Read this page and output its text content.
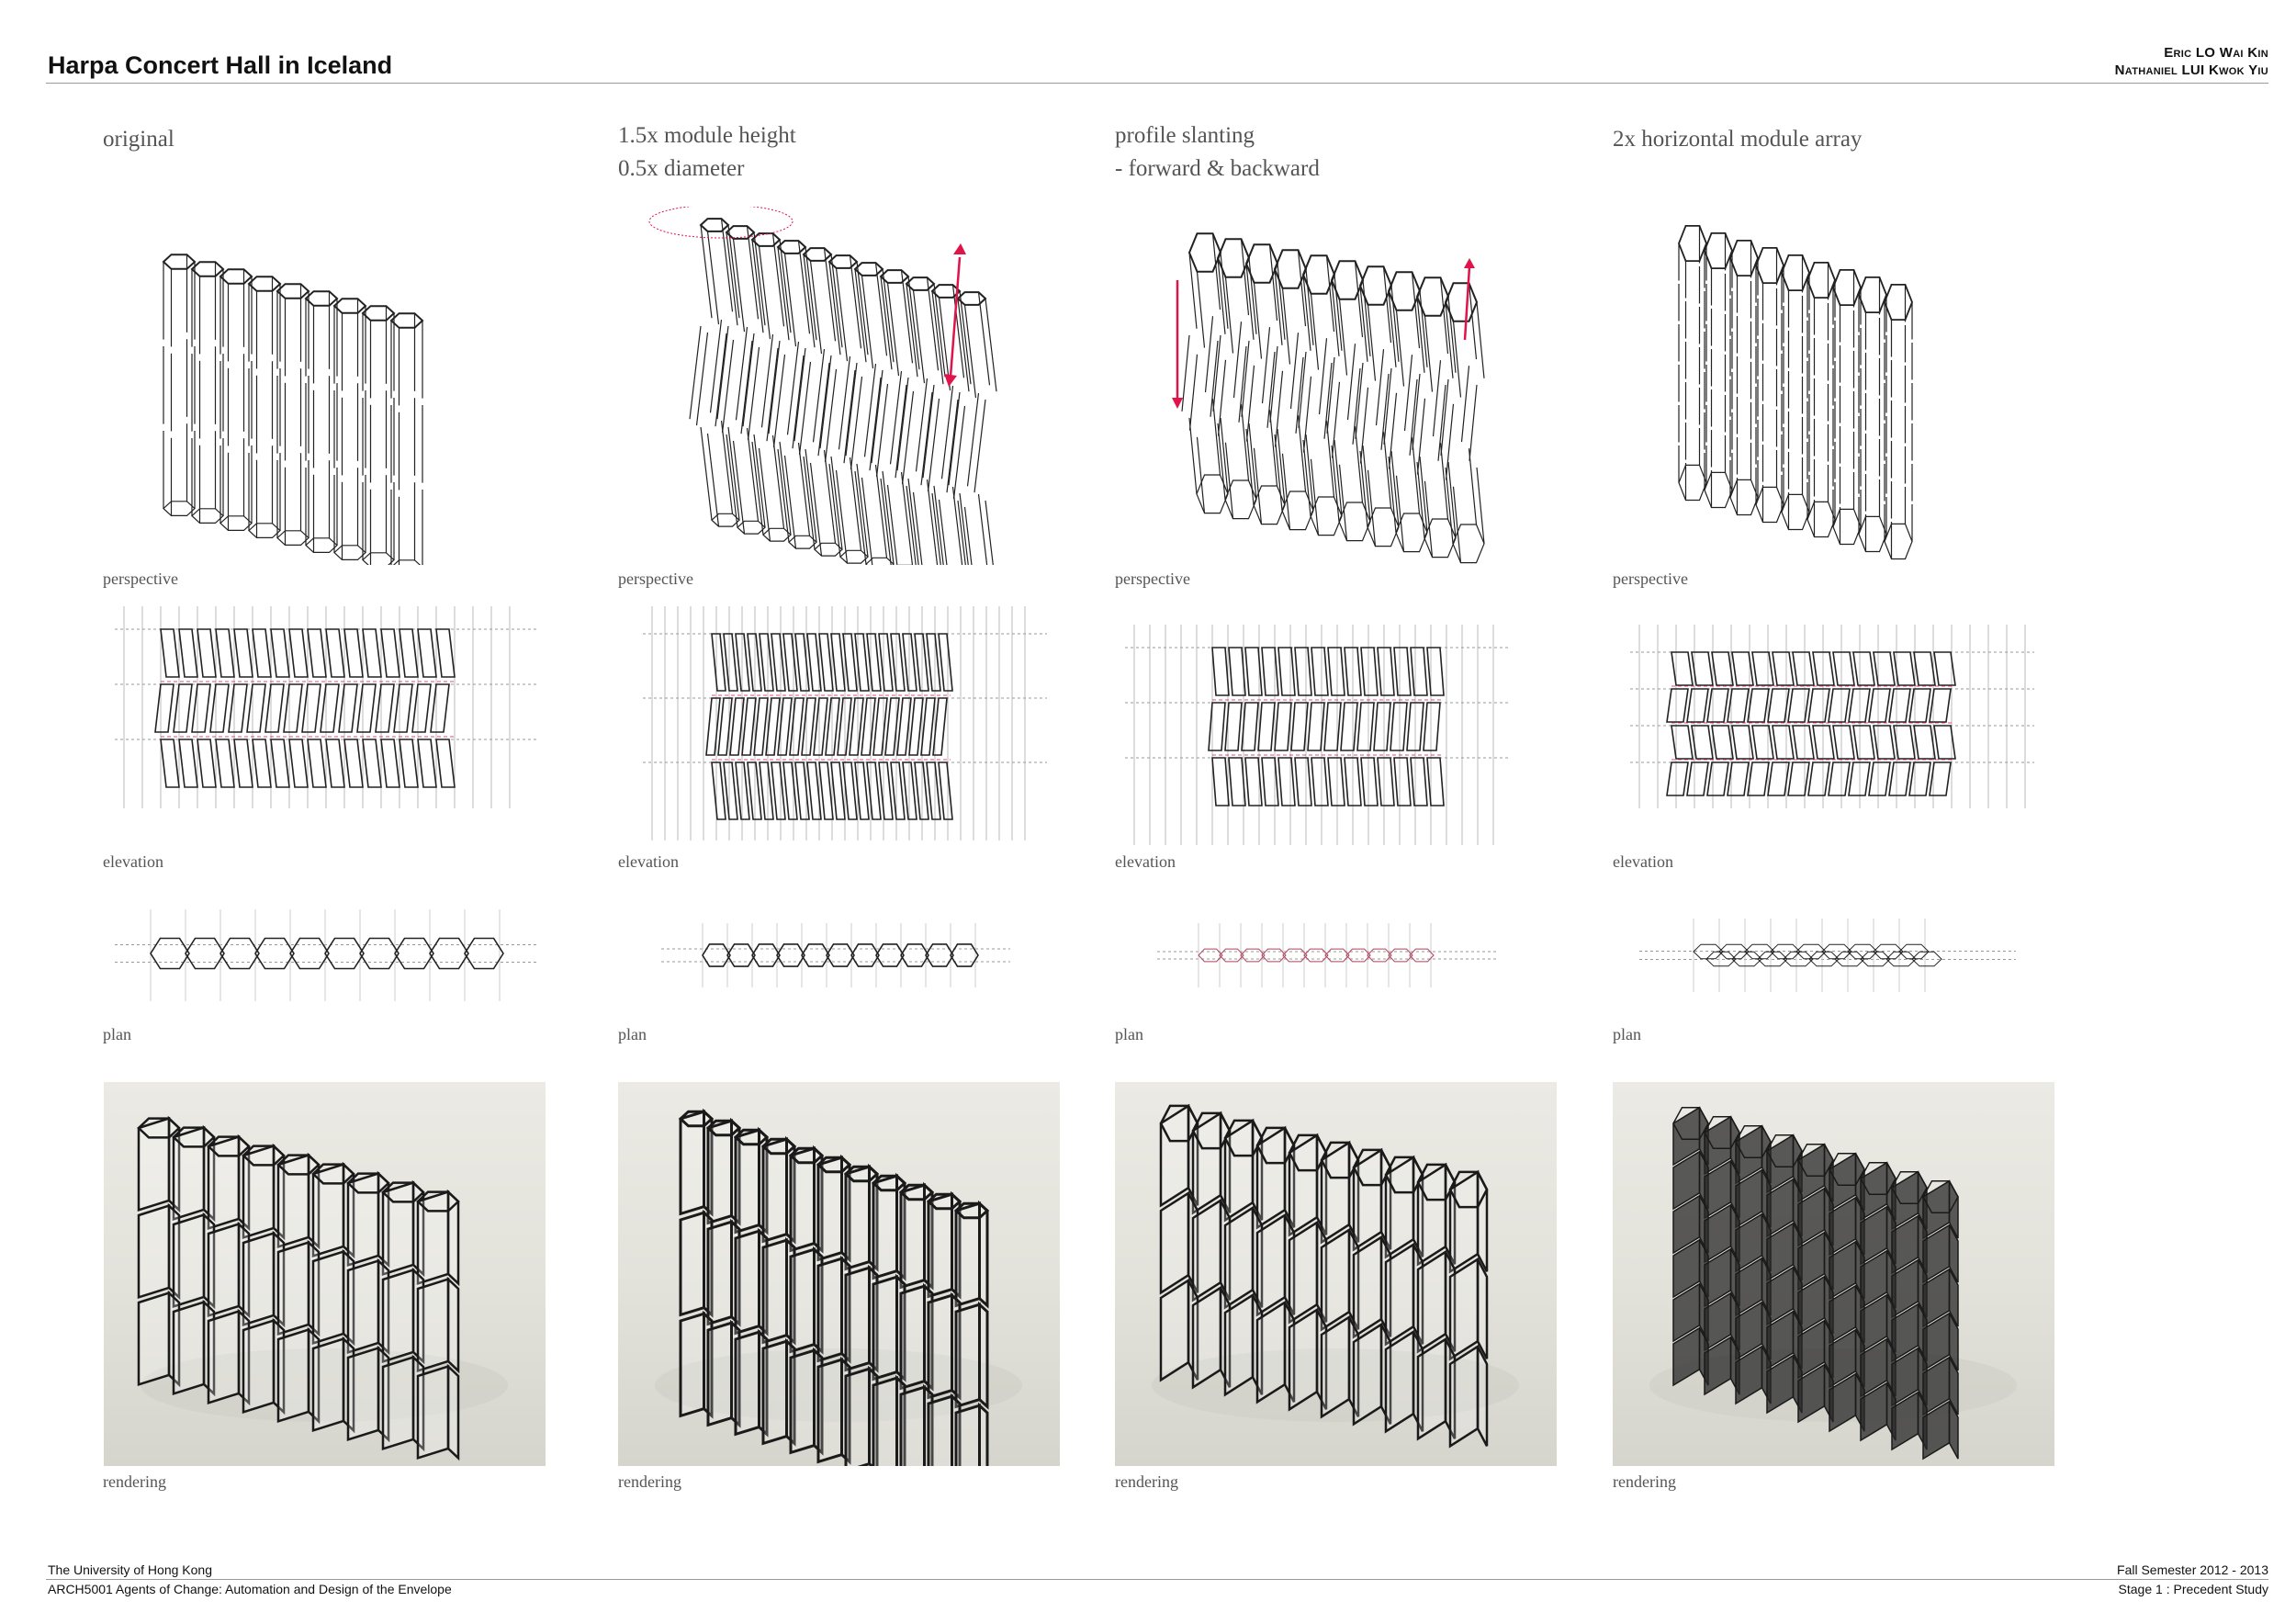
Harpa Concert Hall in Iceland	Eric LO Wai Kin
Nathaniel LUI Kwok Yiu
original	1.5x module height
0.5x diameter
profile slanting
- forward & backward
2x horizontal module array
perspective	perspective	perspective	perspective
elevation	elevation	elevation	elevation
plan	plan	plan	plan
rendering	rendering	rendering	rendering
The University of Hong Kong
ARCH5001 Agents of Change: Automation and Design of the Envelope
Fall Semester 2012 - 2013
Stage 1 : Precedent Study
